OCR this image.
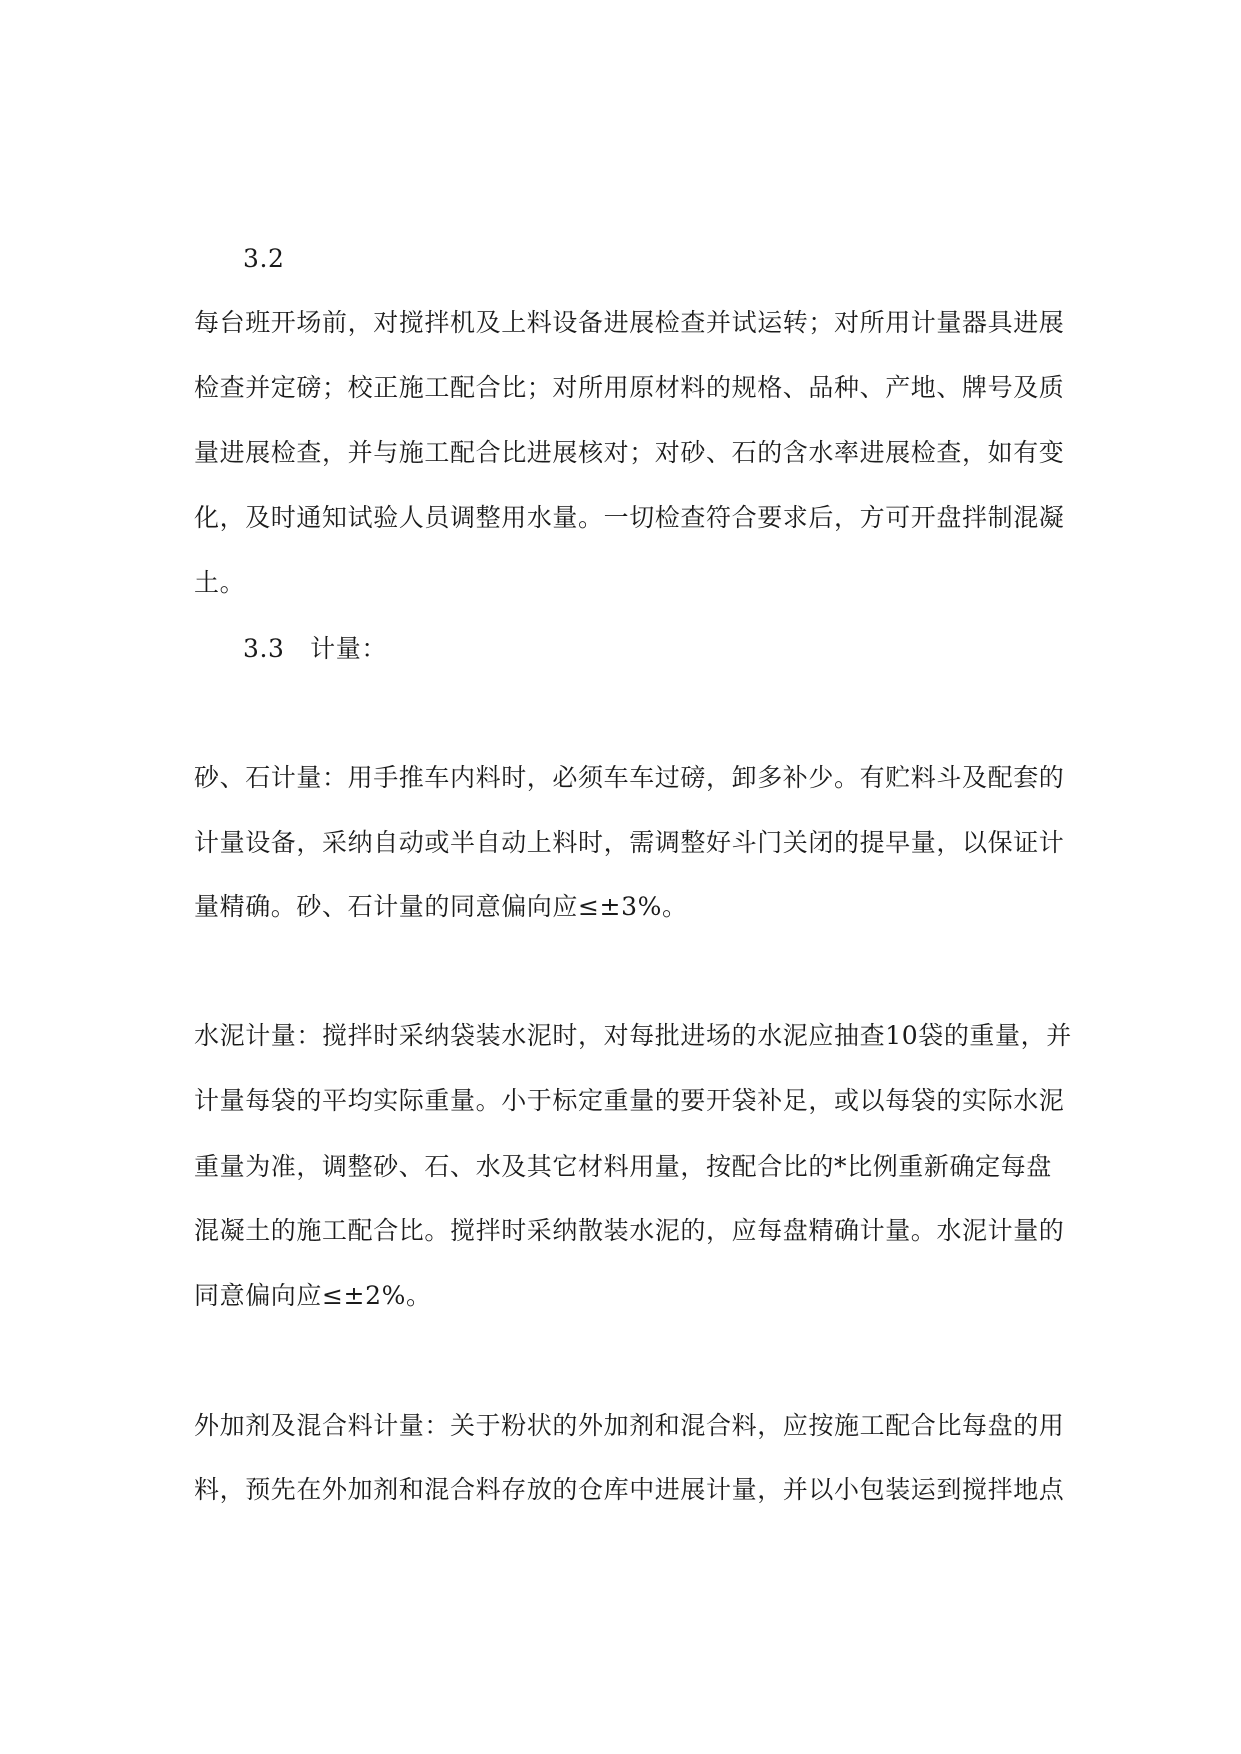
3.2
每台班开场前，对搅拌机及上料设备进展检查并试运转；对所用计量器具进展
检查并定磅；校正施工配合比；对所用原材料的规格、品种、产地、牌号及质
量进展检查，并与施工配合比进展核对；对砂、石的含水率进展检查，如有变
化，及时通知试验人员调整用水量。一切检查符合要求后，方可开盘拌制混凝
土。
3.3　计量：
砂、石计量：用手推车内料时，必须车车过磅，卸多补少。有贮料斗及配套的
计量设备，采纳自动或半自动上料时，需调整好斗门关闭的提早量，以保证计
量精确。砂、石计量的同意偏向应≤±3%。
水泥计量：搅拌时采纳袋装水泥时，对每批进场的水泥应抽查10袋的重量，并
计量每袋的平均实际重量。小于标定重量的要开袋补足，或以每袋的实际水泥
重量为准，调整砂、石、水及其它材料用量，按配合比的*比例重新确定每盘
混凝土的施工配合比。搅拌时采纳散装水泥的，应每盘精确计量。水泥计量的
同意偏向应≤±2%。
外加剂及混合料计量：关于粉状的外加剂和混合料，应按施工配合比每盘的用
料，预先在外加剂和混合料存放的仓库中进展计量，并以小包装运到搅拌地点
